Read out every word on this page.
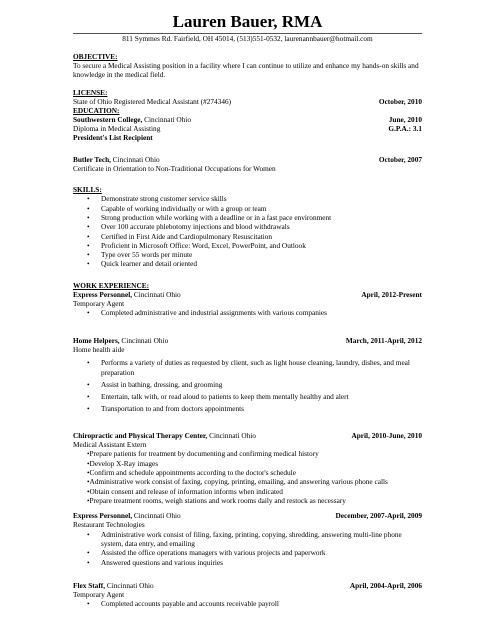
Lauren Bauer, RMA
811 Symmes Rd. Fairfield, OH 45014, (513)551-0532, laurenannbauer@hotmail.com
OBJECTIVE:
To secure a Medical Assisting position in a facility where I can continue to utilize and enhance my hands-on skills and knowledge in the medical field.
LICENSE:
State of Ohio Registered Medical Assistant (#274346)	October, 2010
EDUCATION:
Southwestern College, Cincinnati Ohio	June, 2010
Diploma in Medical Assisting	G.P.A.: 3.1
President's List Recipient
Butler Tech, Cincinnati Ohio	October, 2007
Certificate in Orientation to Non-Traditional Occupations for Women
SKILLS:
• Demonstrate strong customer service skills
• Capable of working individually or with a group or team
• Strong production while working with a deadline or in a fast pace environment
• Over 100 accurate phlebotomy injections and blood withdrawals
• Certified in First Aide and Cardiopulmonary Resuscitation
• Proficient in Microsoft Office: Word, Excel, PowerPoint, and Outlook
• Type over 55 words per minute
• Quick learner and detail oriented
WORK EXPERIENCE:
Express Personnel, Cincinnati Ohio	April, 2012-Present
Temporary Agent
• Completed administrative and industrial assignments with various companies
Home Helpers, Cincinnati Ohio	March, 2011-April, 2012
Home health aide
• Performs a variety of duties as requested by client, such as light house cleaning, laundry, dishes, and meal preparation
• Assist in bathing, dressing, and grooming
• Entertain, talk with, or read aloud to patients to keep them mentally healthy and alert
• Transportation to and from doctors appointments
Chiropractic and Physical Therapy Center, Cincinnati Ohio	April, 2010-June, 2010
Medical Assistant Extern
•Prepare patients for treatment by documenting and confirming medical history
•Develop X-Ray images
•Confirm and schedule appointments according to the doctor's schedule
•Administrative work consist of faxing, copying, printing, emailing, and answering various phone calls
•Obtain consent and release of information informs when indicated
•Prepare treatment rooms, weigh stations and work rooms daily and restock as necessary
Express Personnel, Cincinnati Ohio	December, 2007-April, 2009
Restaurant Technologies
• Administrative work consist of filing, faxing, printing, copying, shredding, answering multi-line phone system, data entry, and emailing
• Assisted the office operations managers with various projects and paperwork
• Answered questions and various inquiries
Flex Staff, Cincinnati Ohio	April, 2004-April, 2006
Temporary Agent
• Completed accounts payable and accounts receivable payroll
